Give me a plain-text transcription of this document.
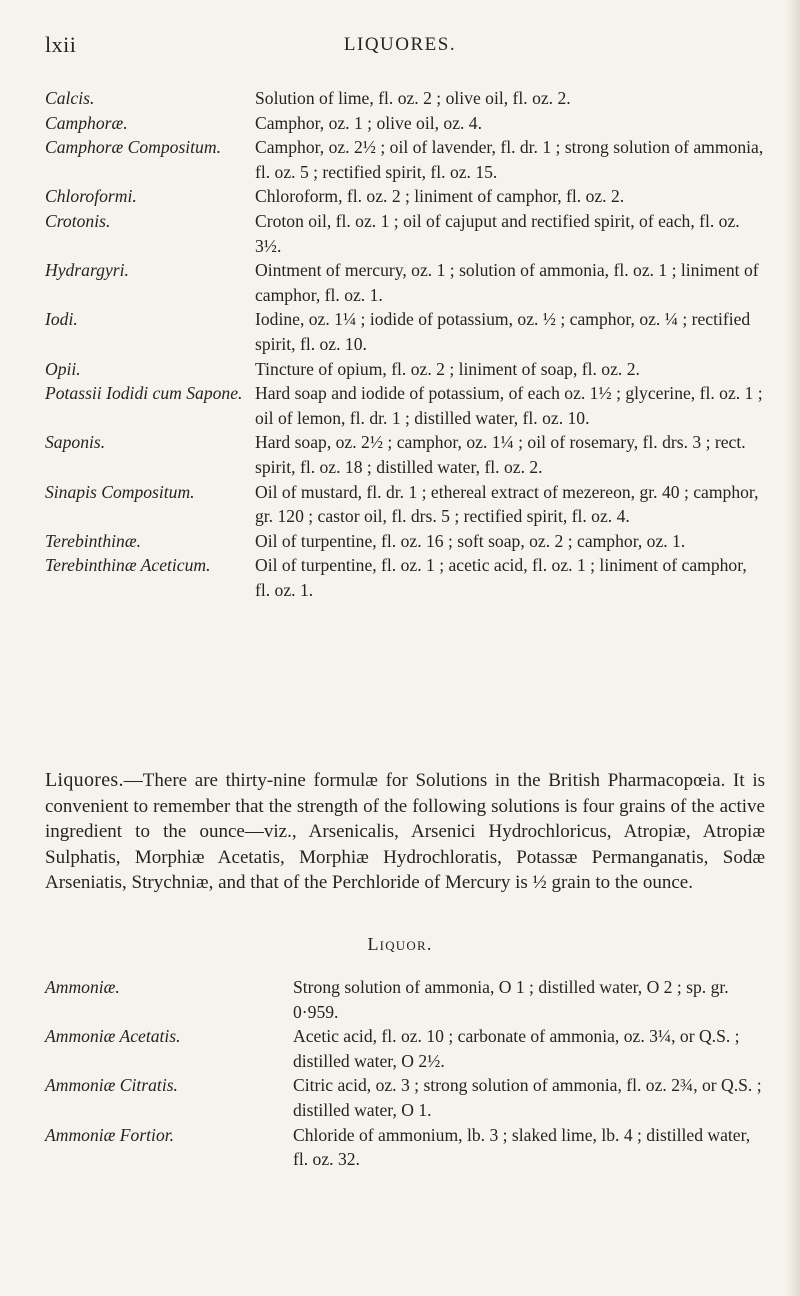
lxii	LIQUORES.
Calcis.	Solution of lime, fl. oz. 2 ; olive oil, fl. oz. 2.
Camphoræ.	Camphor, oz. 1 ; olive oil, oz. 4.
Camphoræ Compositum.	Camphor, oz. 2½ ; oil of lavender, fl. dr. 1 ; strong solution of ammonia, fl. oz. 5 ; rectified spirit, fl. oz. 15.
Chloroformi.	Chloroform, fl. oz. 2 ; liniment of camphor, fl. oz. 2.
Crotonis.	Croton oil, fl. oz. 1 ; oil of cajuput and rectified spirit, of each, fl. oz. 3½.
Hydrargyri.	Ointment of mercury, oz. 1 ; solution of ammonia, fl. oz. 1 ; liniment of camphor, fl. oz. 1.
Iodi.	Iodine, oz. 1¼ ; iodide of potassium, oz. ½ ; camphor, oz. ¼ ; rectified spirit, fl. oz. 10.
Opii.	Tincture of opium, fl. oz. 2 ; liniment of soap, fl. oz. 2.
Potassii Iodidi cum Sapone. Hard soap and iodide of potassium, of each oz. 1½ ; glycerine, fl. oz. 1 ; oil of lemon, fl. dr. 1 ; distilled water, fl. oz. 10.
Saponis.	Hard soap, oz. 2½ ; camphor, oz. 1¼ ; oil of rosemary, fl. drs. 3 ; rect. spirit, fl. oz. 18 ; distilled water, fl. oz. 2.
Sinapis Compositum.	Oil of mustard, fl. dr. 1 ; ethereal extract of mezereon, gr. 40 ; camphor, gr. 120 ; castor oil, fl. drs. 5 ; rectified spirit, fl. oz. 4.
Terebinthinæ.	Oil of turpentine, fl. oz. 16 ; soft soap, oz. 2 ; camphor, oz. 1.
Terebinthinæ Aceticum.	Oil of turpentine, fl. oz. 1 ; acetic acid, fl. oz. 1 ; liniment of camphor, fl. oz. 1.
Liquores.—There are thirty-nine formulæ for Solutions in the British Pharmacopœia. It is convenient to remember that the strength of the following solutions is four grains of the active ingredient to the ounce—viz., Arsenicalis, Arsenici Hydrochloricus, Atropiæ, Atropiæ Sulphatis, Morphiæ Acetatis, Morphiæ Hydrochloratis, Potassæ Permanganatis, Sodæ Arseniatis, Strychniæ, and that of the Perchloride of Mercury is ½ grain to the ounce.
Liquor.
Ammoniæ.	Strong solution of ammonia, O 1 ; distilled water, O 2 ; sp. gr. 0·959.
Ammoniæ Acetatis.	Acetic acid, fl. oz. 10 ; carbonate of ammonia, oz. 3¼, or Q.S. ; distilled water, O 2½.
Ammoniæ Citratis.	Citric acid, oz. 3 ; strong solution of ammonia, fl. oz. 2¾, or Q.S. ; distilled water, O 1.
Ammoniæ Fortior.	Chloride of ammonium, lb. 3 ; slaked lime, lb. 4 ; distilled water, fl. oz. 32.
